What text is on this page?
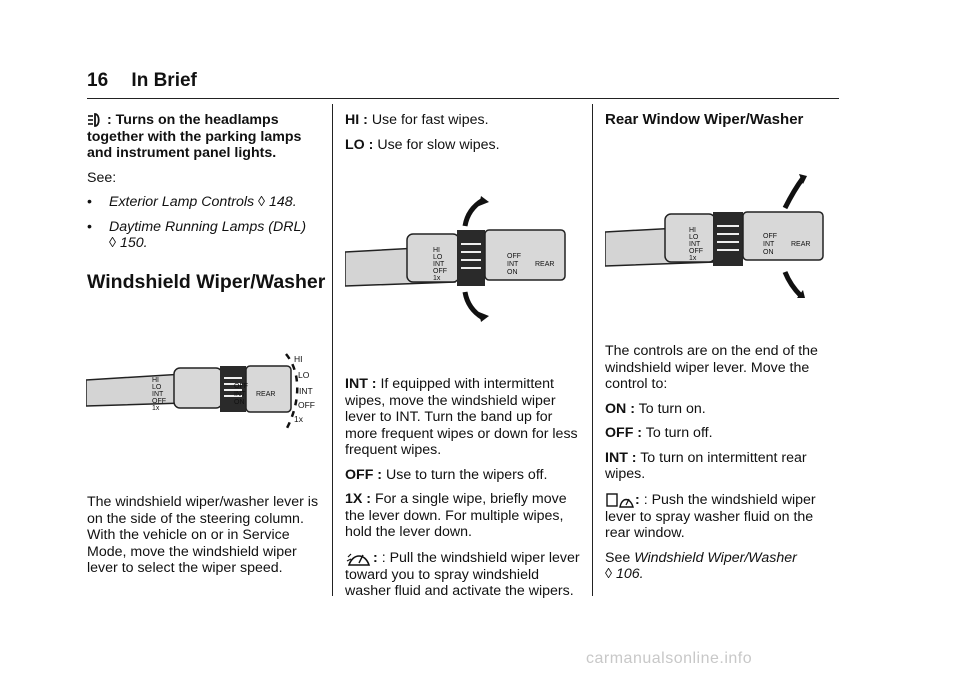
16 In Brief

: Turns on the headlamps together with the parking lamps and instrument panel lights.

See:

•	Exterior Lamp Controls ◊ 148.
•	Daytime Running Lamps (DRL)
◊ 150.
Windshield Wiper/Washer
HI
LO
INT
OFF
1x
OFF
INT
ON
REAR
HI
LO
INT
OFF
1x

The windshield wiper/washer lever is on the side of the steering column. With the vehicle on or in Service Mode, move the windshield wiper lever to select the wiper speed.

HI : Use for fast wipes.

LO : Use for slow wipes.

HI
LO
INT
OFF
1x
OFF
INT
ON
REAR

INT : If equipped with intermittent wipes, move the windshield wiper lever to INT. Turn the band up for more frequent wipes or down for less frequent wipes.

OFF : Use to turn the wipers off.

1X : For a single wipe, briefly move the lever down. For multiple wipes, hold the lever down.

: : Pull the windshield wiper lever toward you to spray windshield washer fluid and activate the wipers.

Rear Window Wiper/Washer
HI
LO
INT
OFF
1x
OFF
INT
ON
REAR

The controls are on the end of the windshield wiper lever. Move the control to:

ON : To turn on.

OFF : To turn off.

INT : To turn on intermittent rear wipes.

: : Push the windshield wiper lever to spray washer fluid on the rear window.

See Windshield Wiper/Washer
◊ 106.

carmanualsonline.info
